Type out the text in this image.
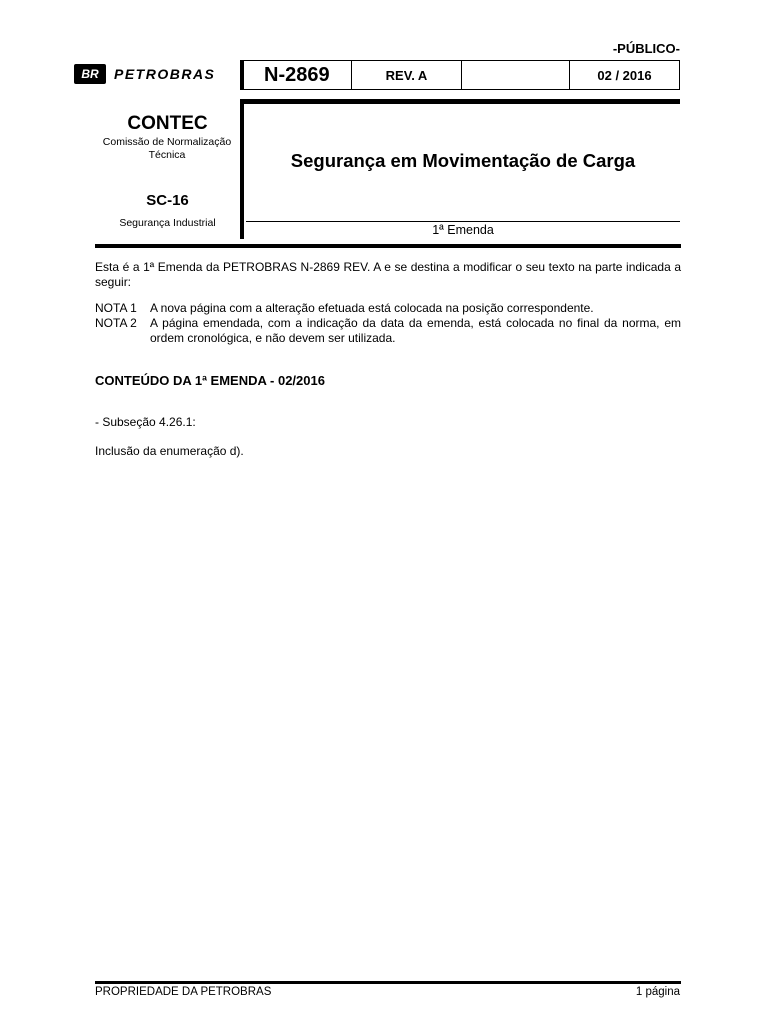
-PÚBLICO-
BR	PETROBRAS	N-2869	REV. A	02 / 2016
CONTEC
Comissão de Normalização Técnica
SC-16
Segurança Industrial
Segurança em Movimentação de Carga
1ª Emenda
Esta é a 1ª Emenda da PETROBRAS N-2869 REV. A e se destina a modificar o seu texto na parte indicada a seguir:
NOTA 1	A nova página com a alteração efetuada está colocada na posição correspondente.
NOTA 2	A página emendada, com a indicação da data da emenda, está colocada no final da norma, em ordem cronológica, e não devem ser utilizada.
CONTEÚDO DA 1ª EMENDA - 02/2016
- Subseção 4.26.1:
Inclusão da enumeração d).
PROPRIEDADE DA PETROBRAS	1 página
